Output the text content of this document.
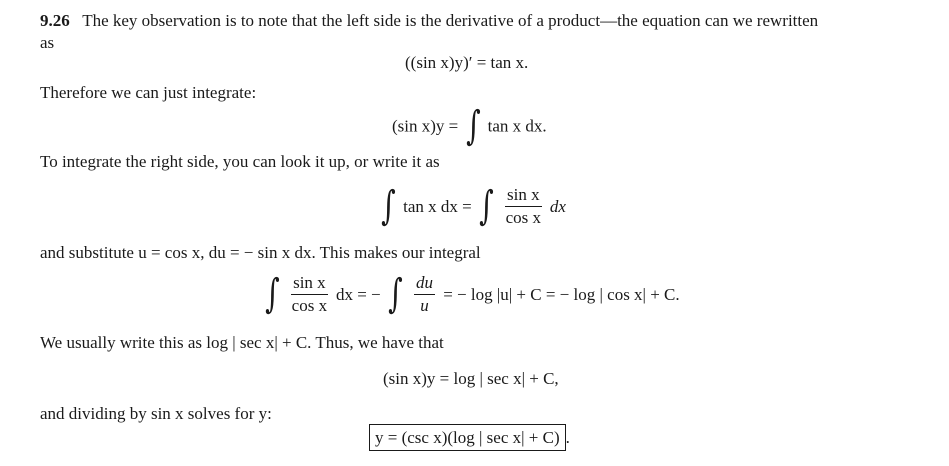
9.26 The key observation is to note that the left side is the derivative of a product—the equation can we rewritten
as
((sin x)y)′ = tan x.
Therefore we can just integrate:
(sin x)y = ∫ tan x dx.
To integrate the right side, you can look it up, or write it as
∫ tan x dx = ∫ $\frac{\text{sin x}}{\text{cos x}}$ dx
and substitute u = cos x, du = − sin x dx. This makes our integral
∫ $\frac{\text{sin x}}{\text{cos x}}$ dx = − ∫ $\frac{du}{u}$ = − log |u| + C = − log | cos x| + C.
We usually write this as log | sec x| + C. Thus, we have that
(sin x)y = log | sec x| + C,
and dividing by sin x solves for y:
y = (csc x)(log | sec x| + C) .
